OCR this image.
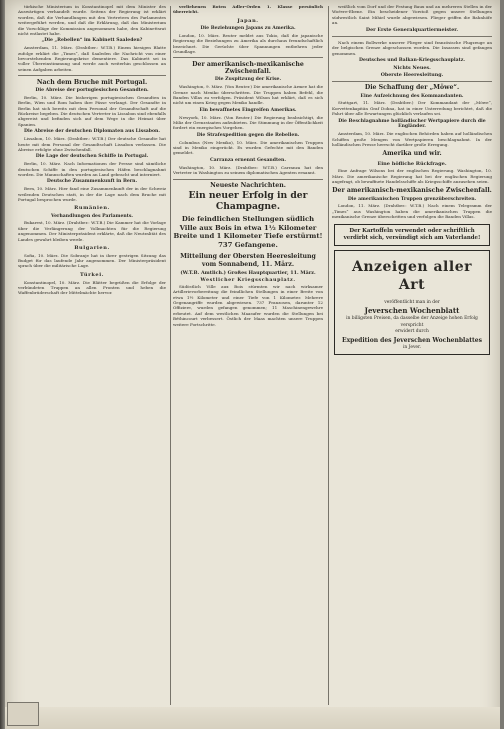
türkische Ministerium in Konstantinopel mit dem Minister des Auswärtigen verhandelt wurde. Seitens der Regierung ist erklärt worden, daß die Verhandlungen mit den Vertretern des Parlamentes weitergeführt werden, und daß die Erklärung, daß das Ministerium die Vorschläge der Kommission angenommen habe, den Kabinettsrat nicht entlastet habe.

„Die „Rebellen“ im Kabinett Saaleden?

Amsterdam, 11. März. (Drahtber.: W.T.B.) Einem hiesigen Blatte zufolge erklärt die „Times“, daß Saaleden die Nachricht von einer bevorstehenden Regierungskrise dementiere. Das Kabinett sei in voller Übereinstimmung und werde auch weiterhin geschlossen an seinen Aufgaben arbeiten.

Nach dem Bruche mit Portugal.
Die Abreise der portugiesischen Gesandten.

Berlin, 10. März. Die bisherigen portugiesischen Gesandten in Berlin, Wien und Rom haben ihre Pässe verlangt. Der Gesandte in Berlin hat sich bereits mit dem Personal der Gesandtschaft auf die Rückreise begeben. Die deutschen Vertreter in Lissabon sind ebenfalls abgereist und befinden sich auf dem Wege in die Heimat über Spanien.

Die Abreise der deutschen Diplomaten aus Lissabon.

Lissabon, 10. März. (Drahtber.: W.T.B.) Der deutsche Gesandte hat heute mit dem Personal der Gesandtschaft Lissabon verlassen. Die Abreise erfolgte ohne Zwischenfall.

Die Lage der deutschen Schiffe in Portugal.

Berlin, 10. März. Nach Informationen der Presse sind sämtliche deutschen Schiffe in den portugiesischen Häfen beschlagnahmt worden. Die Mannschaften wurden an Land gebracht und interniert.

Deutsche Zusammenkunft in Bern.

Bern, 10. März. Hier fand eine Zusammenkunft der in der Schweiz weilenden Deutschen statt, in der die Lage nach dem Bruche mit Portugal besprochen wurde.

Rumänien.
Verhandlungen des Parlaments.

Bukarest, 10. März. (Drahtber.: W.T.B.) Die Kammer hat die Vorlage über die Verlängerung der Vollmachten für die Regierung angenommen. Der Ministerpräsident erklärte, daß die Neutralität des Landes gewahrt bleiben werde.

Bulgarien.

Sofia, 10. März. Die Sobranje hat in ihrer gestrigen Sitzung das Budget für das laufende Jahr angenommen. Der Ministerpräsident sprach über die militärische Lage.

Türkei.

Konstantinopel, 10. März. Die Blätter begrüßen die Erfolge der verbündeten Truppen an allen Fronten und heben die Waffenbrüderschaft der Mittelmächte hervor.

verliehenen Roten Adler-Orden 1. Klasse persönlich überreicht.

Japan.
Die Beziehungen Japans zu Amerika.

London, 10. März. Reuter meldet aus Tokio, daß die japanische Regierung die Beziehungen zu Amerika als durchaus freundschaftlich bezeichnet. Die Gerüchte über Spannungen entbehren jeder Grundlage.

Der amerikanisch-mexikanische Zwischenfall.
Die Zuspitzung der Krise.

Washington, 9. März. (Von Reuter.) Die amerikanische Armee hat die Grenze nach Mexiko überschritten. Die Truppen haben Befehl, die Banden Villas zu verfolgen. Präsident Wilson hat erklärt, daß es sich nicht um einen Krieg gegen Mexiko handle.

Ein bewaffnetes Eingreifen Amerikas.

Newyork, 10. März. (Von Reuter.) Die Regierung beabsichtigt, die Miliz der Grenzstaaten aufzubieten. Die Stimmung in der Öffentlichkeit fordert ein energisches Vorgehen.

Die Strafexpedition gegen die Rebellen.

Columbus (New Mexiko), 10. März. Die amerikanischen Truppen sind in Mexiko eingerückt. Es wurden Gefechte mit den Banden gemeldet.

Carranza ernennt Gesandten.

Washington, 10. März. (Drahtber.: W.T.B.) Carranza hat den Vertreter in Washington zu seinem diplomatischen Agenten ernannt.

Neueste Nachrichten.
Ein neuer Erfolg in der Champagne.
Die feindlichen Stellungen südlich Ville aux Bois in etwa 1½ Kilometer Breite und 1 Kilometer Tiefe erstürmt! 737 Gefangene.
Mitteilung der Obersten Heeresleitung vom Sonnabend, 11. März.
(W.T.B. Amtlich.) Großes Hauptquartier, 11. März.
Westlicher Kriegsschauplatz.

Südöstlich Ville aux Bois stürmten wir nach wirksamer Artillerievorbereitung die feindlichen Stellungen in einer Breite von etwa 1½ Kilometer und einer Tiefe von 1 Kilometer. Mehrere Gegenangriffe wurden abgewiesen. 737 Franzosen, darunter 12 Offiziere, wurden gefangen genommen; 11 Maschinengewehre erbeutet. Auf dem westlichen Maasufer wurden die Stellungen bei Béthincourt verbessert. Östlich der Maas machten unsere Truppen weitere Fortschritte.

weißlich vom Dorf und der Festung Baux und an mehreren Stellen in der Woëvre-Ebene. Ein bescheidener Vorstoß gegen unsere Stellungen südwestlich Saint Mihiel wurde abgewiesen. Flieger griffen die Bahnhöfe an.

Der Erste Generalquartiermeister.

Nach einem Bollwerke unserer Flieger sind französische Flugzeuge an der belgischen Grenze abgeschossen worden. Die Insassen sind gefangen genommen.

Deutsches und Balkan-Kriegsschauplatz.
Nichts Neues.
Oberste Heeresleitung.
Die Schaffung der „Möwe“.
Eine Aufzeichnung des Kommandanten.

Stuttgart, 11. März. (Drahtber.) Der Kommandant der „Möwe“, Korvettenkapitän Graf Dohna, hat in einer Unterredung berichtet, daß die Fahrt über alle Erwartungen glücklich verlaufen sei.

Die Beschlagnahme holländischer Wertpapiere durch die Engländer.

Amsterdam, 10. März. Die englischen Behörden haben auf holländischen Schiffen große Mengen von Wertpapieren beschlagnahmt. In der holländischen Presse herrscht darüber große Erregung.

Amerika und wir.
Eine höfliche Rückfrage.

Eine Anfrage Wilsons bei der englischen Regierung. Washington, 10. März. Die amerikanische Regierung hat bei der englischen Regierung angefragt, ob bewaffnete Handelsschiffe als Kriegsschiffe anzusehen seien.

Der amerikanisch-mexikanische Zwischenfall.
Die amerikanischen Truppen grenzüberschreiten.

London, 11. März. (Drahtber.: W.T.B.) Nach einem Telegramm der „Times“ aus Washington haben die amerikanischen Truppen die mexikanische Grenze überschritten und verfolgen die Banden Villas.

Der Kartoffeln verwendet oder schriftlich verdirbt sich, versündigt sich am Vaterlande!
Anzeigen aller Art
veröffentlicht man in der
Jeverschen Wochenblatt
in billigsten Preisen, da dasselbe der Anzeige hohen Erfolg verspricht
erwidert durch
Expedition des Jeverschen Wochenblattes
in Jever.
